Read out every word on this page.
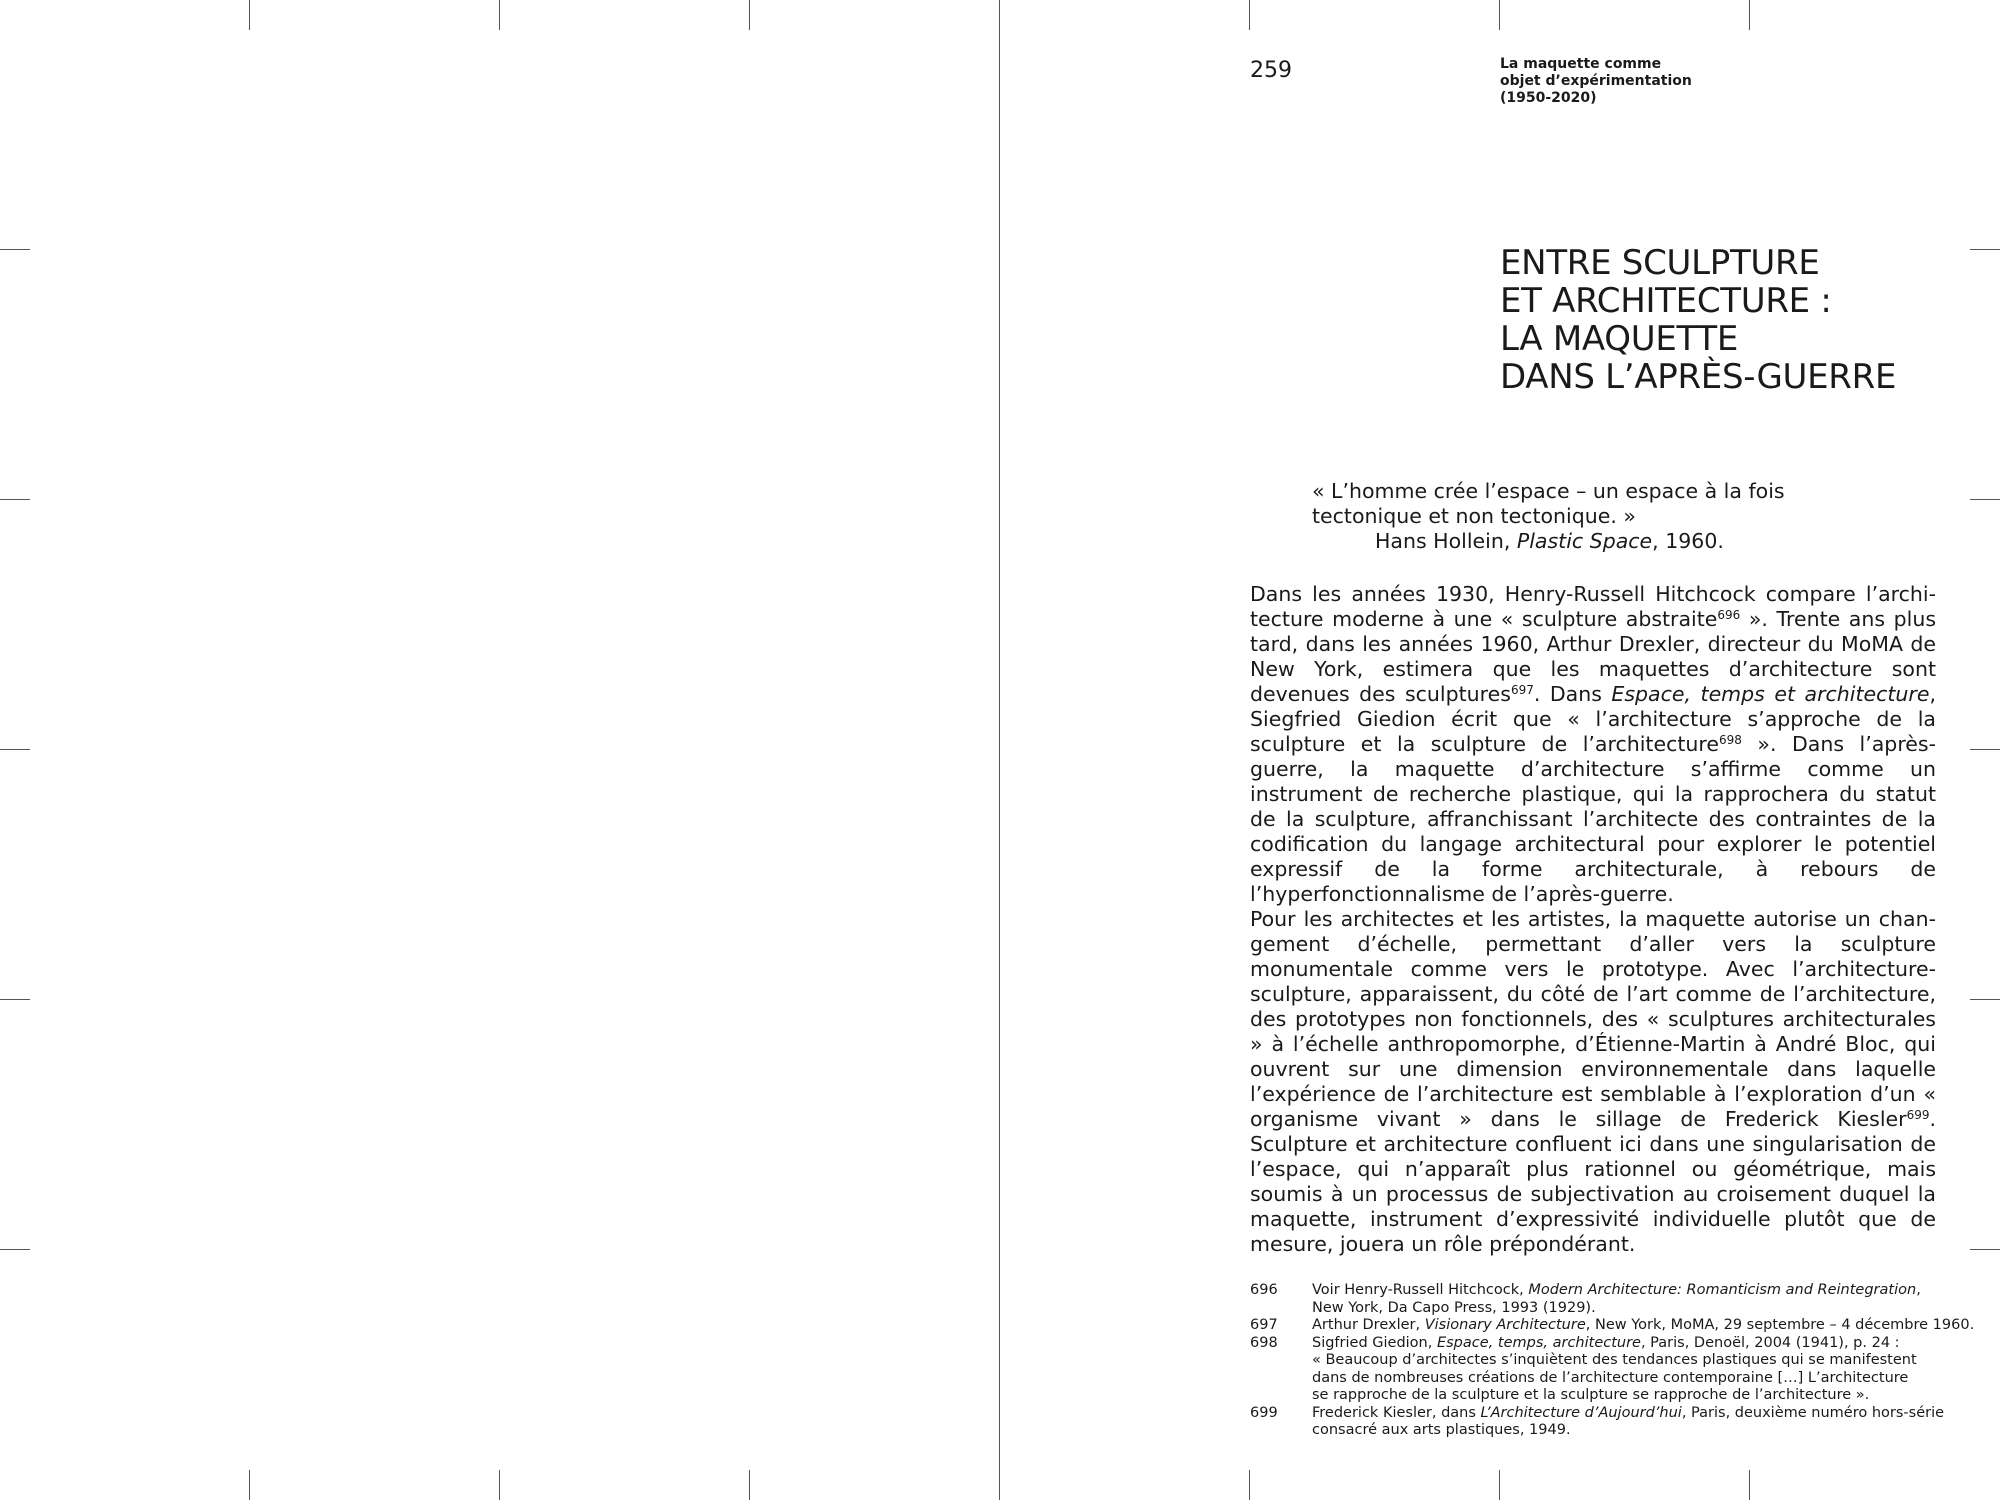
259	La maquette comme
objet d’expérimentation
(1950-2020)
ENTRE SCULPTURE
ET ARCHITECTURE :
LA MAQUETTE
DANS L’APRÈS-GUERRE
« L’homme crée l’espace – un espace à la fois
tectonique et non tectonique. »
Hans Hollein, Plastic Space, 1960.

Dans les années 1930, Henry-Russell Hitchcock compare l’architecture moderne à une « sculpture abstraite$^{696}$ ». Trente ans plus tard, dans les années 1960, Arthur Drexler, directeur du MoMA de New York, estimera que les maquettes d’architecture sont devenues des sculptures$^{697}$. Dans Espace, temps et architecture, Siegfried Giedion écrit que « l’architecture s’approche de la sculpture et la sculpture de l’architecture$^{698}$ ». Dans l’après-guerre, la maquette d’architecture s’affirme comme un instrument de recherche plastique, qui la rapprochera du statut de la sculpture, affranchissant l’architecte des contraintes de la codification du langage architectural pour explorer le potentiel expressif de la forme architecturale, à rebours de l’hyperfonctionnalisme de l’après-guerre.

Pour les architectes et les artistes, la maquette autorise un changement d’échelle, permettant d’aller vers la sculpture monumentale comme vers le prototype. Avec l’architecture-sculpture, apparaissent, du côté de l’art comme de l’architecture, des prototypes non fonctionnels, des « sculptures architecturales » à l’échelle anthropomorphe, d’Étienne-Martin à André Bloc, qui ouvrent sur une dimension environnementale dans laquelle l’expérience de l’architecture est semblable à l’exploration d’un « organisme vivant » dans le sillage de Frederick Kiesler$^{699}$. Sculpture et architecture confluent ici dans une singularisation de l’espace, qui n’apparaît plus rationnel ou géométrique, mais soumis à un processus de subjectivation au croisement duquel la maquette, instrument d’expressivité individuelle plutôt que de mesure, jouera un rôle prépondérant.

696	Voir Henry-Russell Hitchcock, Modern Architecture: Romanticism and Reintegration,
New York, Da Capo Press, 1993 (1929).
697	Arthur Drexler, Visionary Architecture, New York, MoMA, 29 septembre – 4 décembre 1960.
698	Sigfried Giedion, Espace, temps, architecture, Paris, Denoël, 2004 (1941), p. 24 :
« Beaucoup d’architectes s’inquiètent des tendances plastiques qui se manifestent
dans de nombreuses créations de l’architecture contemporaine […] L’architecture
se rapproche de la sculpture et la sculpture se rapproche de l’architecture ».
699	Frederick Kiesler, dans L’Architecture d’Aujourd’hui, Paris, deuxième numéro hors-série
consacré aux arts plastiques, 1949.
